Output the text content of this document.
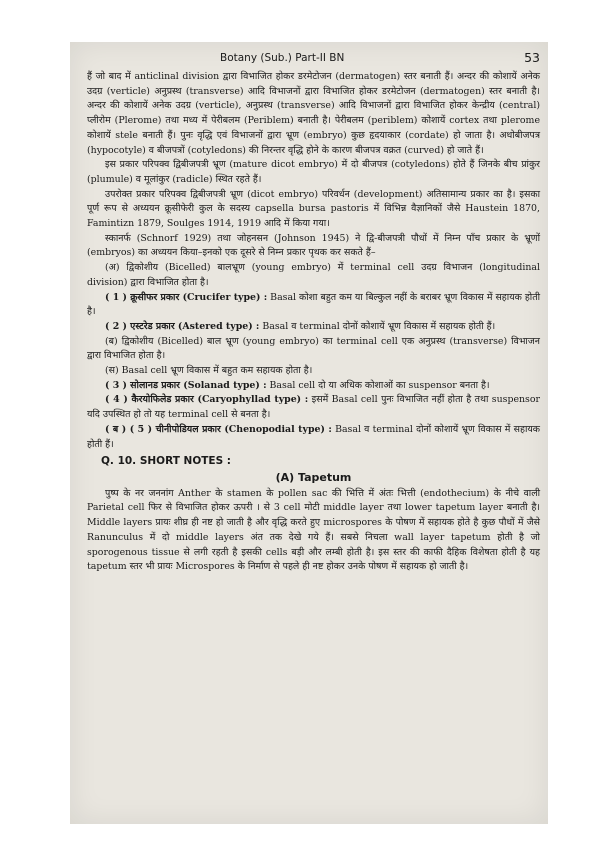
Botany (Sub.) Part-II BN	53

हैं जो बाद में anticlinal division द्वारा विभाजित होकर डरमेटोजन (dermatogen) स्तर बनाती हैं। अन्दर की कोशायें अनेक उदग्र (verticle) अनुप्रस्थ (transverse) आदि विभाजनों द्वारा विभाजित होकर डरमेटोजन (dermatogen) स्तर बनाती है। अन्दर की कोशायें अनेक उदग्र (verticle), अनुप्रस्थ (transverse) आदि विभाजनों द्वारा विभाजित होकर केन्द्रीय (central) प्लीरोम (Plerome) तथा मध्य में पेरीबलम (Periblem) बनाती है। पेरीबलम (periblem) कोशायें cortex तथा plerome कोशायें stele बनाती हैं। पुनः वृद्धि एवं विभाजनों द्वारा भ्रूण (embryo) कुछ हृदयाकार (cordate) हो जाता है। अधोबीजपत्र (hypocotyle) व बीजपत्रों (cotyledons) की निरन्तर वृद्धि होने के कारण बीजपत्र वक्रत (curved) हो जाते हैं।

इस प्रकार परिपक्व द्विबीजपत्री भ्रूण (mature dicot embryo) में दो बीजपत्र (cotyledons) होते हैं जिनके बीच प्रांकुर (plumule) व मूलांकुर (radicle) स्थित रहते हैं।

उपरोक्त प्रकार परिपक्व द्विबीजपत्री भ्रूण (dicot embryo) परिवर्धन (development) अतिसामान्य प्रकार का है। इसका पूर्ण रूप से अध्ययन क्रूसीफेरी कुल के सदस्य capsella bursa pastoris में विभिन्न वैज्ञानिकों जैसे Haustein 1870, Famintizn 1879, Soulges 1914, 1919 आदि में किया गया।

स्कानर्फ (Schnorf 1929) तथा जोहनसन (Johnson 1945) ने द्वि-बीजपत्री पौधों में निम्न पाँच प्रकार के भ्रूणों (embryos) का अध्ययन किया–इनको एक दूसरे से निम्न प्रकार पृथक कर सकते हैं–

(अ) द्विकोशीय (Bicelled) बालभ्रूण (young embryo) में terminal cell उदग्र विभाजन (longitudinal division) द्वारा विभाजित होता है।

( 1 ) क्रूसीफर प्रकार (Crucifer type) : Basal कोशा बहुत कम या बिल्कुल नहीं के बराबर भ्रूण विकास में सहायक होती है।

( 2 ) एस्टरेड प्रकार (Astered type) : Basal व terminal दोनों कोशायें भ्रूण विकास में सहायक होती हैं।

(ब) द्विकोशीय (Bicelled) बाल भ्रूण (young embryo) का terminal cell एक अनुप्रस्थ (transverse) विभाजन द्वारा विभाजित होता है।

(स) Basal cell भ्रूण विकास में बहुत कम सहायक होता है।

( 3 ) सोलानड प्रकार (Solanad type) : Basal cell दो या अधिक कोशाओं का suspensor बनता है।

( 4 ) कैरयोफिलेड प्रकार (Caryophyllad type) : इसमें Basal cell पुनः विभाजित नहीं होता है तथा suspensor यदि उपस्थित हो तो यह terminal cell से बनता है।

( ब ) ( 5 ) चीनीपोडियल प्रकार (Chenopodial type) : Basal व terminal दोनों कोशायें भ्रूण विकास में सहायक होती हैं।

Q. 10. SHORT NOTES :
(A) Tapetum

पुष्प के नर जननांग Anther के stamen के pollen sac की भित्ति में अंतः भित्ती (endothecium) के नीचे वाली Parietal cell फिर से विभाजित होकर ऊपरी । से 3 cell मोटी middle layer तथा lower tapetum layer बनाती है। Middle layers प्रायः शीघ्र ही नष्ट हो जाती है और वृद्धि करते हुए microspores के पोषण में सहायक होते है कुछ पौधों में जैसे Ranunculus में दो middle layers अंत तक देखे गये हैं। सबसे निचला wall layer tapetum होती है जो sporogenous tissue से लगी रहती है इसकी cells बड़ी और लम्बी होती है। इस स्तर की काफी दैहिक विशेषता होती है यह tapetum स्तर भी प्रायः Microspores के निर्माण से पहले ही नष्ट होकर उनके पोषण में सहायक हो जाती है।
